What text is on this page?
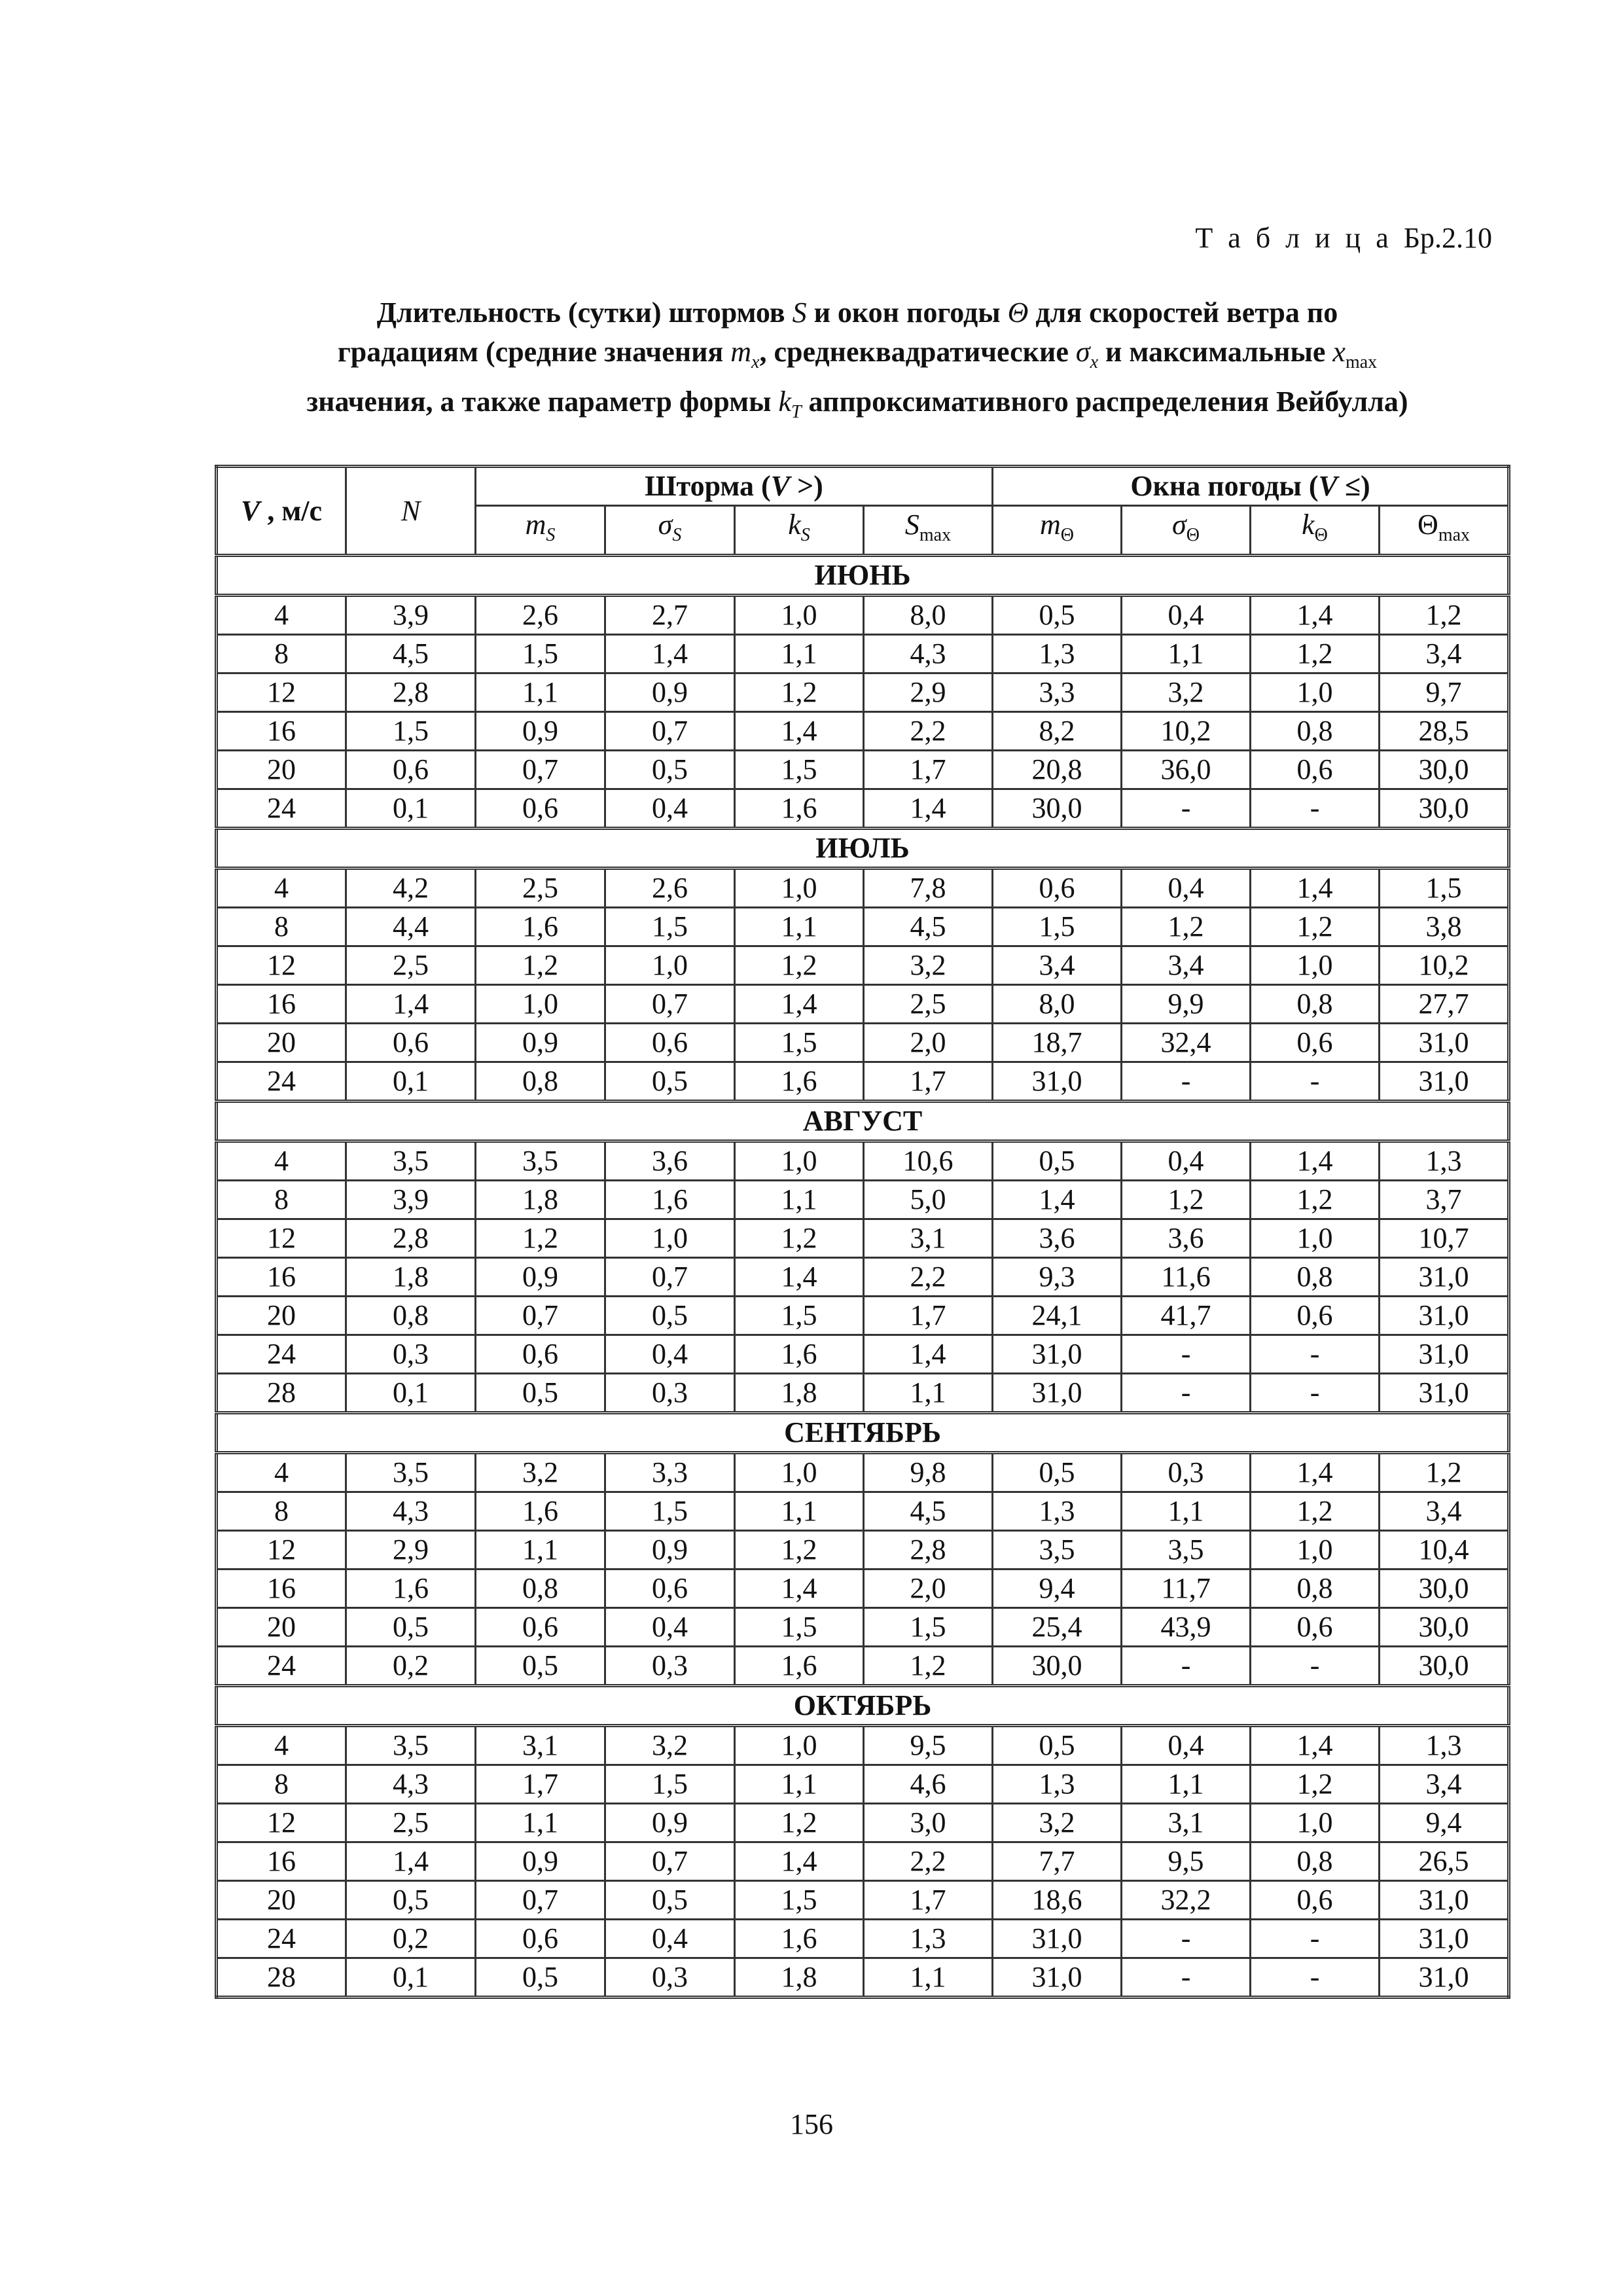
Т а б л и ц а Бр.2.10
Длительность (сутки) штормов S и окон погоды Θ для скоростей ветра по
градациям (средние значения $m_x$, среднеквадратические $\sigma_x$ и максимальные $x_{max}$
значения, а также параметр формы $k_T$ аппроксимативного распределения Вейбулла)
V , м/с	N	Шторма (V >)				Окна погоды (V ≤)			
		$m_S$	$\sigma_S$	$k_S$	$S_{max}$	$m_\Theta$	$\sigma_\Theta$	$k_\Theta$	$\Theta_{max}$
ИЮНЬ									
4	3,9	2,6	2,7	1,0	8,0	0,5	0,4	1,4	1,2
8	4,5	1,5	1,4	1,1	4,3	1,3	1,1	1,2	3,4
12	2,8	1,1	0,9	1,2	2,9	3,3	3,2	1,0	9,7
16	1,5	0,9	0,7	1,4	2,2	8,2	10,2	0,8	28,5
20	0,6	0,7	0,5	1,5	1,7	20,8	36,0	0,6	30,0
24	0,1	0,6	0,4	1,6	1,4	30,0	-	-	30,0
ИЮЛЬ									
4	4,2	2,5	2,6	1,0	7,8	0,6	0,4	1,4	1,5
8	4,4	1,6	1,5	1,1	4,5	1,5	1,2	1,2	3,8
12	2,5	1,2	1,0	1,2	3,2	3,4	3,4	1,0	10,2
16	1,4	1,0	0,7	1,4	2,5	8,0	9,9	0,8	27,7
20	0,6	0,9	0,6	1,5	2,0	18,7	32,4	0,6	31,0
24	0,1	0,8	0,5	1,6	1,7	31,0	-	-	31,0
АВГУСТ									
4	3,5	3,5	3,6	1,0	10,6	0,5	0,4	1,4	1,3
8	3,9	1,8	1,6	1,1	5,0	1,4	1,2	1,2	3,7
12	2,8	1,2	1,0	1,2	3,1	3,6	3,6	1,0	10,7
16	1,8	0,9	0,7	1,4	2,2	9,3	11,6	0,8	31,0
20	0,8	0,7	0,5	1,5	1,7	24,1	41,7	0,6	31,0
24	0,3	0,6	0,4	1,6	1,4	31,0	-	-	31,0
28	0,1	0,5	0,3	1,8	1,1	31,0	-	-	31,0
СЕНТЯБРЬ									
4	3,5	3,2	3,3	1,0	9,8	0,5	0,3	1,4	1,2
8	4,3	1,6	1,5	1,1	4,5	1,3	1,1	1,2	3,4
12	2,9	1,1	0,9	1,2	2,8	3,5	3,5	1,0	10,4
16	1,6	0,8	0,6	1,4	2,0	9,4	11,7	0,8	30,0
20	0,5	0,6	0,4	1,5	1,5	25,4	43,9	0,6	30,0
24	0,2	0,5	0,3	1,6	1,2	30,0	-	-	30,0
ОКТЯБРЬ									
4	3,5	3,1	3,2	1,0	9,5	0,5	0,4	1,4	1,3
8	4,3	1,7	1,5	1,1	4,6	1,3	1,1	1,2	3,4
12	2,5	1,1	0,9	1,2	3,0	3,2	3,1	1,0	9,4
16	1,4	0,9	0,7	1,4	2,2	7,7	9,5	0,8	26,5
20	0,5	0,7	0,5	1,5	1,7	18,6	32,2	0,6	31,0
24	0,2	0,6	0,4	1,6	1,3	31,0	-	-	31,0
28	0,1	0,5	0,3	1,8	1,1	31,0	-	-	31,0
156
